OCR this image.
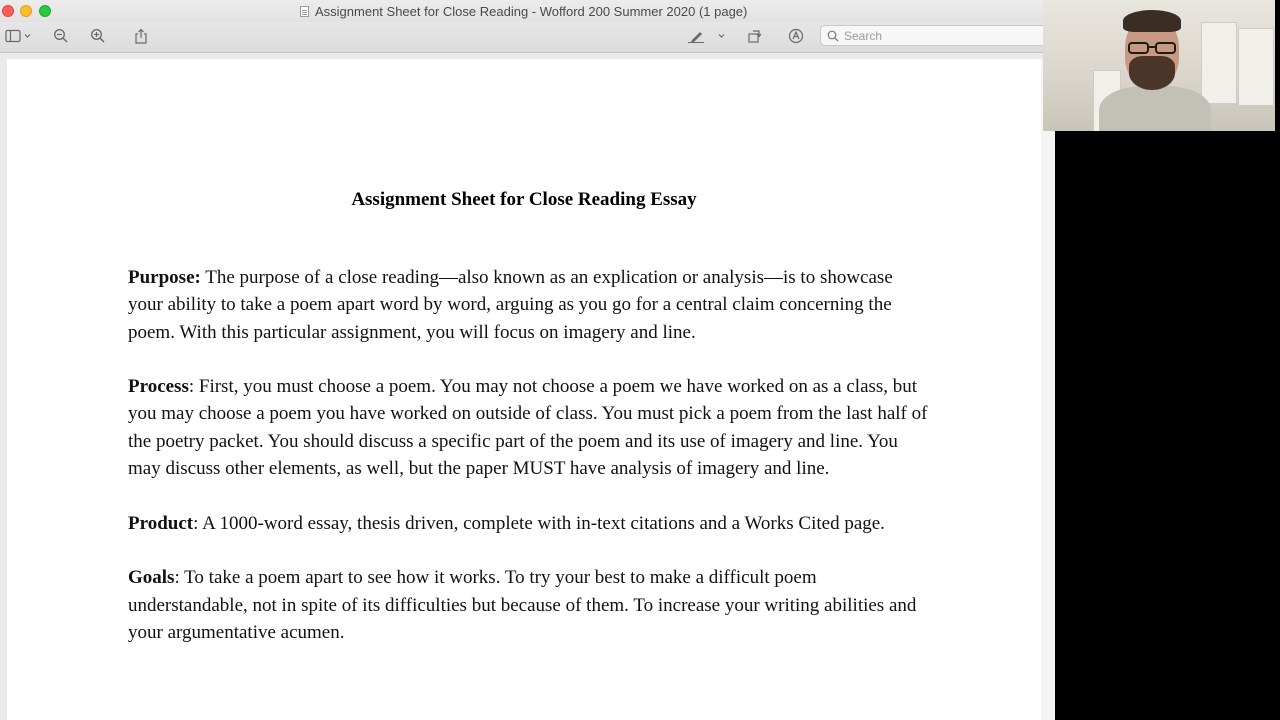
Assignment Sheet for Close Reading - Wofford 200 Summer 2020 (1 page)
Search
Assignment Sheet for Close Reading Essay

Purpose: The purpose of a close reading—also known as an explication or analysis—is to showcase your ability to take a poem apart word by word, arguing as you go for a central claim concerning the poem. With this particular assignment, you will focus on imagery and line.

Process: First, you must choose a poem. You may not choose a poem we have worked on as a class, but you may choose a poem you have worked on outside of class. You must pick a poem from the last half of the poetry packet. You should discuss a specific part of the poem and its use of imagery and line. You may discuss other elements, as well, but the paper MUST have analysis of imagery and line.

Product: A 1000-word essay, thesis driven, complete with in-text citations and a Works Cited page.

Goals: To take a poem apart to see how it works. To try your best to make a difficult poem understandable, not in spite of its difficulties but because of them. To increase your writing abilities and your argumentative acumen.
